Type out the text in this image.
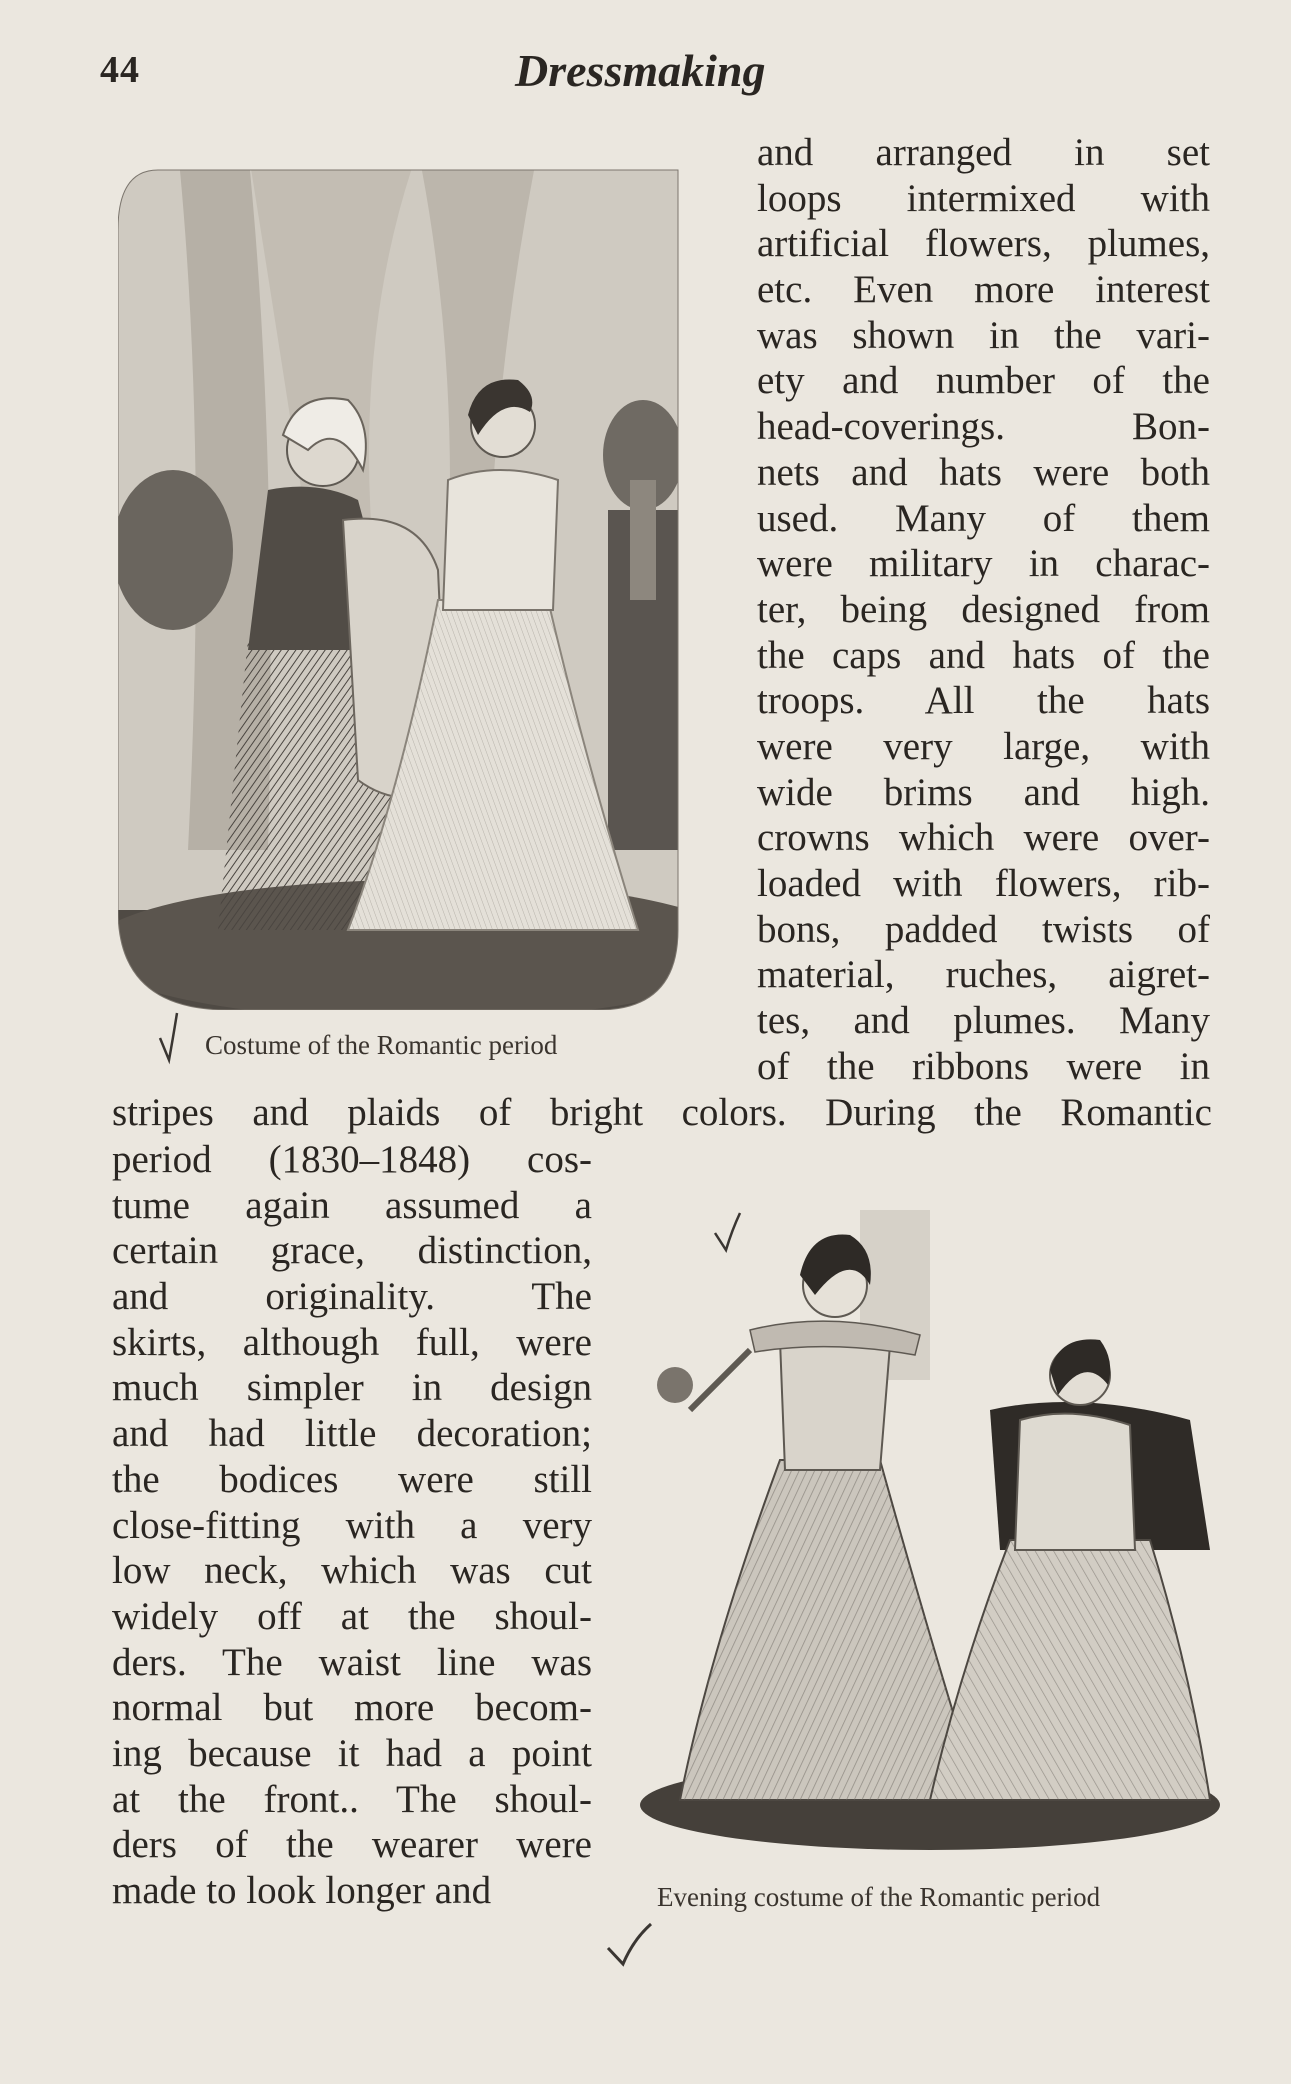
44	Dressmaking
Costume of the Romantic period
and arranged in set
loops intermixed with
artificial flowers, plumes,
etc. Even more interest
was shown in the vari-
ety and number of the
head-coverings. Bon-
nets and hats were both
used. Many of them
were military in charac-
ter, being designed from
the caps and hats of the
troops. All the hats
were very large, with
wide brims and high.
crowns which were over-
loaded with flowers, rib-
bons, padded twists of
material, ruches, aigret-
tes, and plumes. Many
of the ribbons were in
stripes and plaids of bright colors. During the Romantic
period (1830–1848) cos-
tume again assumed a
certain grace, distinction,
and originality. The
skirts, although full, were
much simpler in design
and had little decoration;
the bodices were still
close-fitting with a very
low neck, which was cut
widely off at the shoul-
ders. The waist line was
normal but more becom-
ing because it had a point
at the front.. The shoul-
ders of the wearer were
made to look longer and	Evening costume of the Romantic period
